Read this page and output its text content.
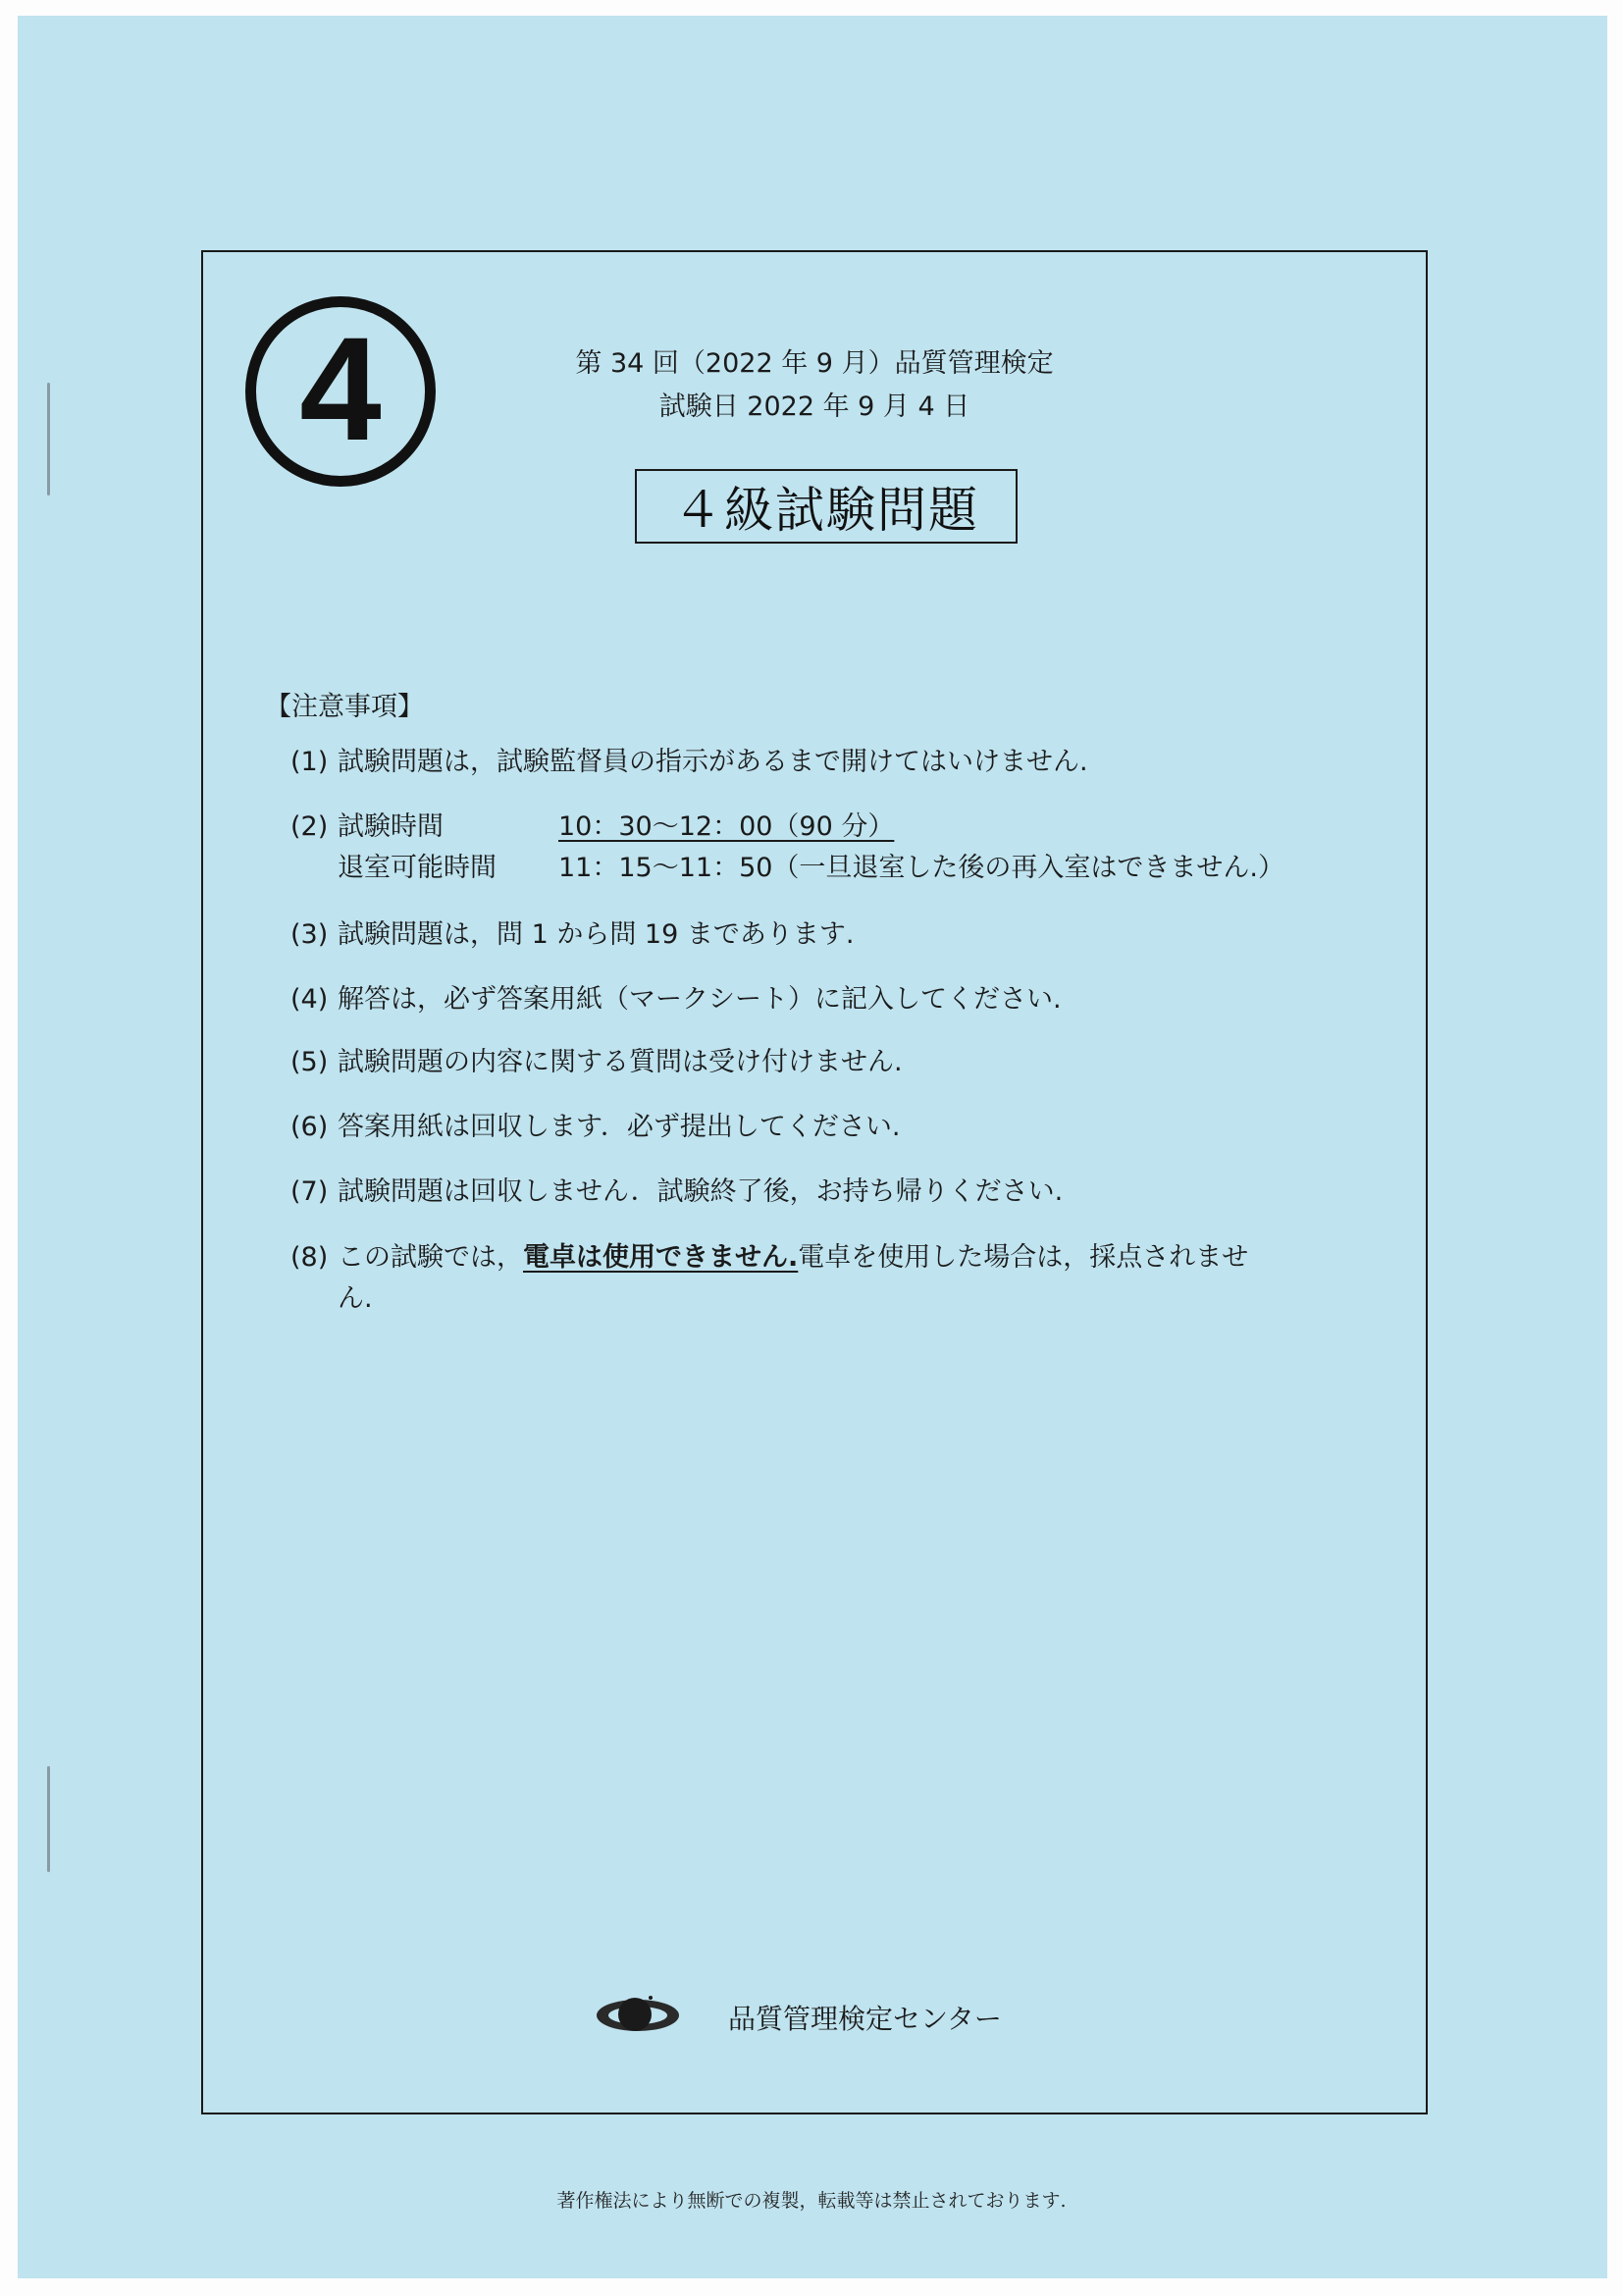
4	第 34 回（2022 年 9 月）品質管理検定
試験日 2022 年 9 月 4 日
４級試験問題
【注意事項】
(1) 試験問題は，試験監督員の指示があるまで開けてはいけません.
(2) 試験時間	10：30〜12：00（90 分）
退室可能時間 11：15〜11：50（一旦退室した後の再入室はできません.）
(3) 試験問題は，問 1 から問 19 まであります.
(4) 解答は，必ず答案用紙（マークシート）に記入してください.
(5) 試験問題の内容に関する質問は受け付けません.
(6) 答案用紙は回収します．必ず提出してください.
(7) 試験問題は回収しません．試験終了後，お持ち帰りください.
(8) この試験では，電卓は使用できません.電卓を使用した場合は，採点されませ
ん.
品質管理検定センター
著作権法により無断での複製，転載等は禁止されております.
